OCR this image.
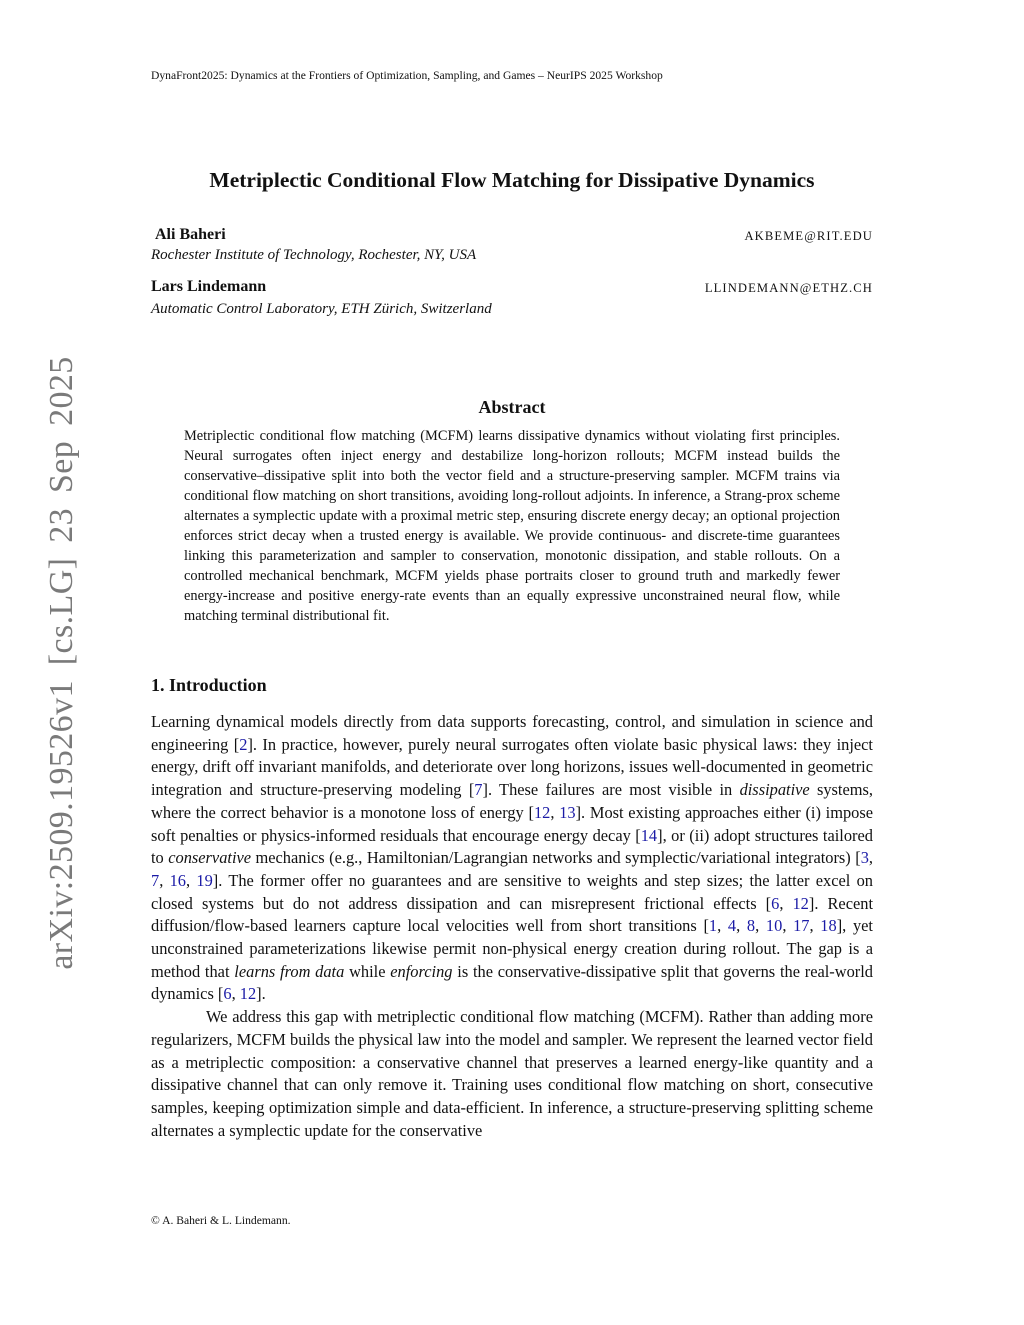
DynaFront2025: Dynamics at the Frontiers of Optimization, Sampling, and Games – NeurIPS 2025 Workshop
arXiv:2509.19526v1 [cs.LG] 23 Sep 2025
Metriplectic Conditional Flow Matching for Dissipative Dynamics
Ali Baheri	AKBEME@RIT.EDU
Rochester Institute of Technology, Rochester, NY, USA
Lars Lindemann	LLINDEMANN@ETHZ.CH
Automatic Control Laboratory, ETH Zürich, Switzerland
Abstract
Metriplectic conditional flow matching (MCFM) learns dissipative dynamics without violating first principles. Neural surrogates often inject energy and destabilize long-horizon rollouts; MCFM instead builds the conservative–dissipative split into both the vector field and a structure-preserving sampler. MCFM trains via conditional flow matching on short transitions, avoiding long-rollout adjoints. In inference, a Strang-prox scheme alternates a symplectic update with a proximal metric step, ensuring discrete energy decay; an optional projection enforces strict decay when a trusted energy is available. We provide continuous- and discrete-time guarantees linking this parameterization and sampler to conservation, monotonic dissipation, and stable rollouts. On a controlled mechanical benchmark, MCFM yields phase portraits closer to ground truth and markedly fewer energy-increase and positive energy-rate events than an equally expressive unconstrained neural flow, while matching terminal distributional fit.
1. Introduction

Learning dynamical models directly from data supports forecasting, control, and simulation in science and engineering [2]. In practice, however, purely neural surrogates often violate basic physical laws: they inject energy, drift off invariant manifolds, and deteriorate over long horizons, issues well-documented in geometric integration and structure-preserving modeling [7]. These failures are most visible in dissipative systems, where the correct behavior is a monotone loss of energy [12, 13]. Most existing approaches either (i) impose soft penalties or physics-informed residuals that encourage energy decay [14], or (ii) adopt structures tailored to conservative mechanics (e.g., Hamiltonian/Lagrangian networks and symplectic/variational integrators) [3, 7, 16, 19]. The former offer no guarantees and are sensitive to weights and step sizes; the latter excel on closed systems but do not address dissipation and can misrepresent frictional effects [6, 12]. Recent diffusion/flow-based learners capture local velocities well from short transitions [1, 4, 8, 10, 17, 18], yet unconstrained parameterizations likewise permit non-physical energy creation during rollout. The gap is a method that learns from data while enforcing is the conservative-dissipative split that governs the real-world dynamics [6, 12].

We address this gap with metriplectic conditional flow matching (MCFM). Rather than adding more regularizers, MCFM builds the physical law into the model and sampler. We represent the learned vector field as a metriplectic composition: a conservative channel that preserves a learned energy-like quantity and a dissipative channel that can only remove it. Training uses conditional flow matching on short, consecutive samples, keeping optimization simple and data-efficient. In inference, a structure-preserving splitting scheme alternates a symplectic update for the conservative

© A. Baheri & L. Lindemann.
